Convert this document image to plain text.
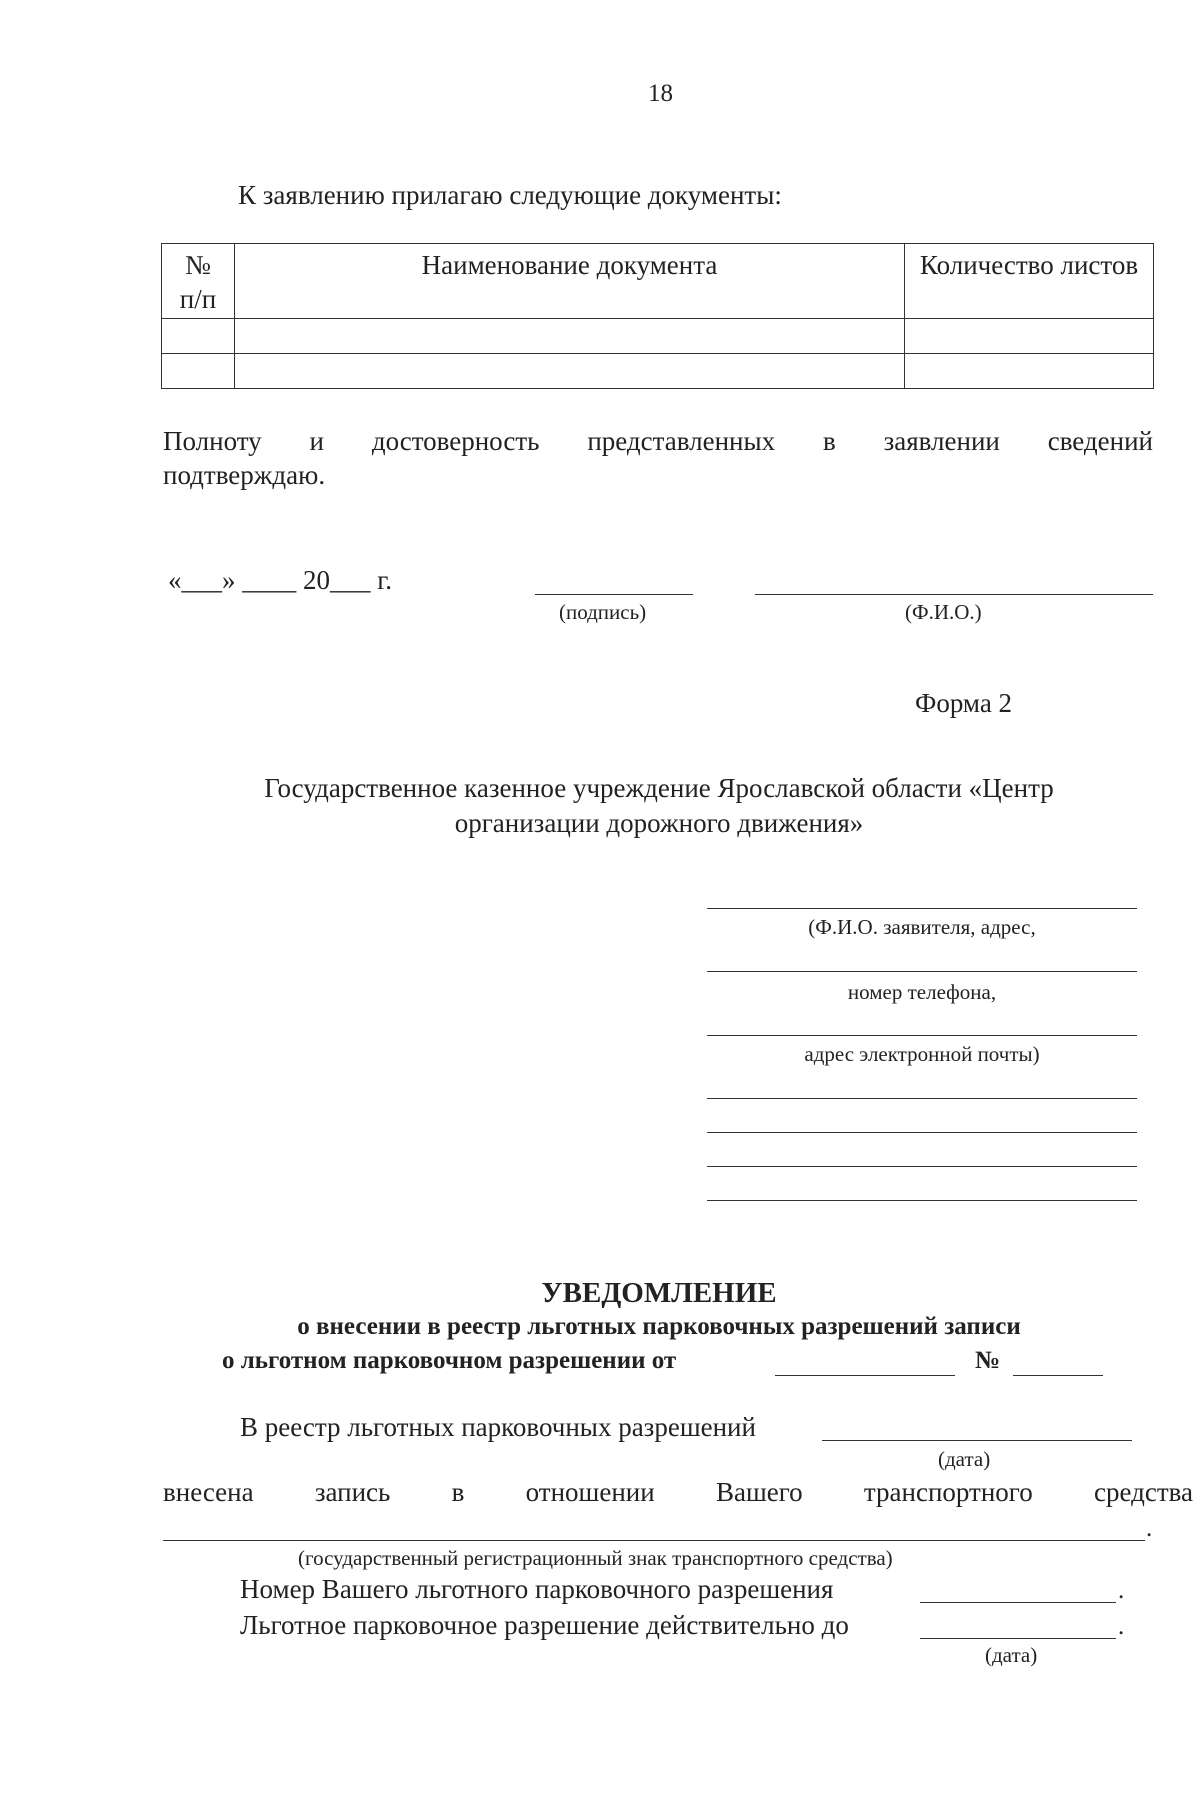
18
К заявлению прилагаю следующие документы:
№ п/п	Наименование документа	Количество листов

Полноту и достоверность представленных в заявлении сведений
подтверждаю.
«___» ____ 20___ г.
(подпись)	(Ф.И.О.)
Форма 2
Государственное казенное учреждение Ярославской области «Центр
организации дорожного движения»
(Ф.И.О. заявителя, адрес,
номер телефона,
адрес электронной почты)
УВЕДОМЛЕНИЕ
о внесении в реестр льготных парковочных разрешений записи
о льготном парковочном разрешении от	№
В реестр льготных парковочных разрешений
(дата)
внесена запись в отношении Вашего транспортного средства
.
(государственный регистрационный знак транспортного средства)
Номер Вашего льготного парковочного разрешения	.
Льготное парковочное разрешение действительно до	.
(дата)
